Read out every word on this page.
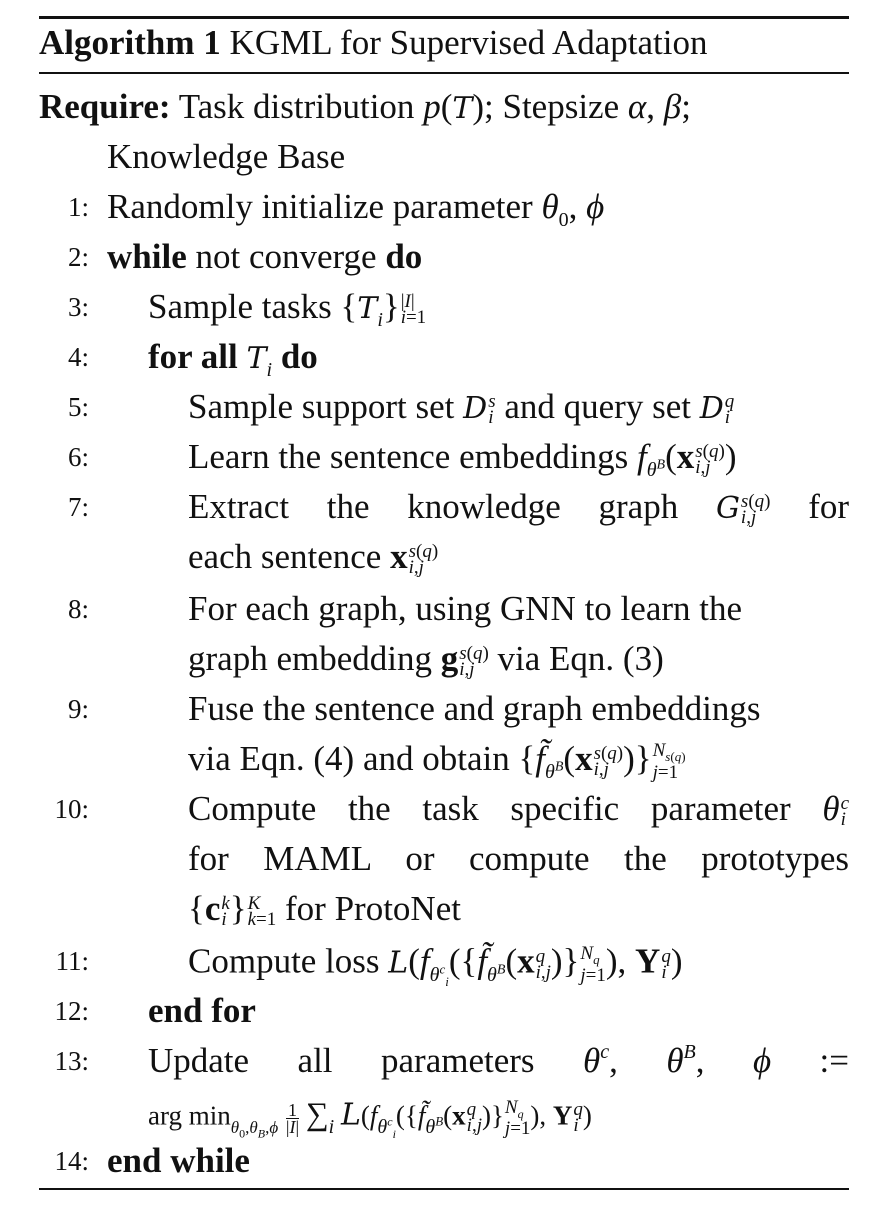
Algorithm 1 KGML for Supervised Adaptation
Require: Task distribution p(T); Stepsize α, β;
Knowledge Base
1: Randomly initialize parameter $\theta_0$, ϕ
2: while not converge do
3: Sample tasks $\{T_i\}$ |I|
i=1
4: for all $T_i$ do
5:	Sample support set D s
i and query set D q
i
6:	Learn the sentence embeddings $f_{\theta^B}(x$ s(q)
i,j )
7:	Extract the knowledge graph G s(q)
i,j	for
each sentence x s(q)
i,j
8:	For each graph, using GNN to learn the
graph embedding g s(q)
i,j via Eqn. (3)
9:	Fuse the sentence and graph embeddings
via Eqn. (4) and obtain {$f̃_{\theta^B}(x$ s(q)
i,j )} $N_{s(q)}$
j=1
10:	Compute the task specific parameter θ c
i
for MAML or compute the prototypes
{c k
i } K
k=1 for ProtoNet
11:	Compute loss $L(f_{\theta^c_i}(\{f̃_{\theta^B}(x$ q
i,j )} $N_q$
j=1 ), Y q
i )
12: end for
13: Update all parameters $\theta^c$, $\theta^B$, ϕ :=
arg $\min_{\theta_0,\theta_B,\phi} \frac{1}{|I|} \sum_i$ $L(f_{\theta^c_i}(\{f̃_{\theta^B}(x$ q
i,j )} $N_q$
j=1 ), Y q
i )
14: end while
